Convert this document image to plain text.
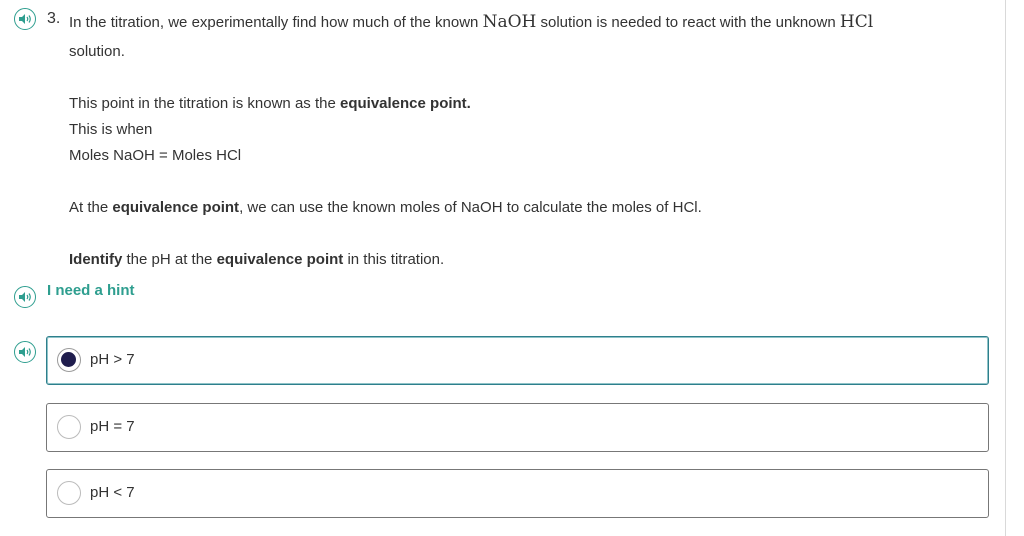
3. In the titration, we experimentally find how much of the known NaOH solution is needed to react with the unknown HCl
solution.
This point in the titration is known as the equivalence point.
This is when
Moles NaOH = Moles HCl
At the equivalence point, we can use the known moles of NaOH to calculate the moles of HCl.
Identify the pH at the equivalence point in this titration.
I need a hint
pH > 7
pH = 7
pH < 7
